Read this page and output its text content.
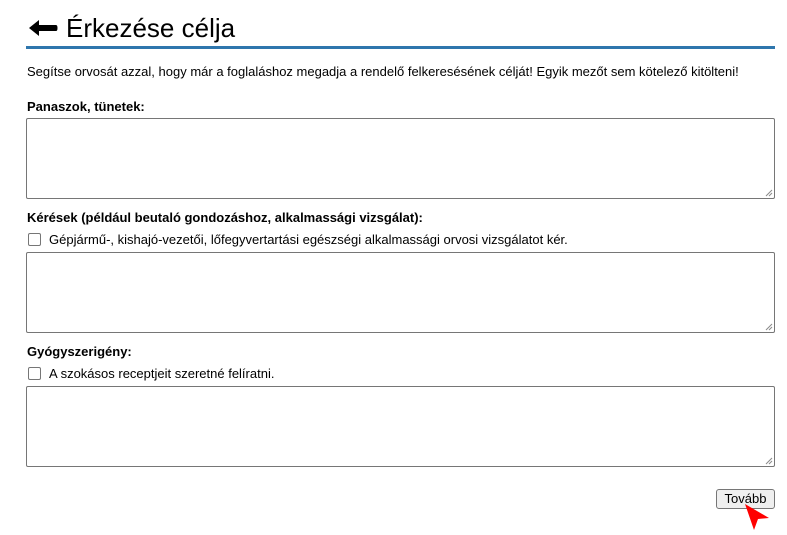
Érkezése célja
Segítse orvosát azzal, hogy már a foglaláshoz megadja a rendelő felkeresésének célját! Egyik mezőt sem kötelező kitölteni!
Panaszok, tünetek:
Kérések (például beutaló gondozáshoz, alkalmassági vizsgálat):
Gépjármű-, kishajó-vezetői, lőfegyvertartási egészségi alkalmassági orvosi vizsgálatot kér.
Gyógyszerigény:
A szokásos receptjeit szeretné felíratni.
Tovább
